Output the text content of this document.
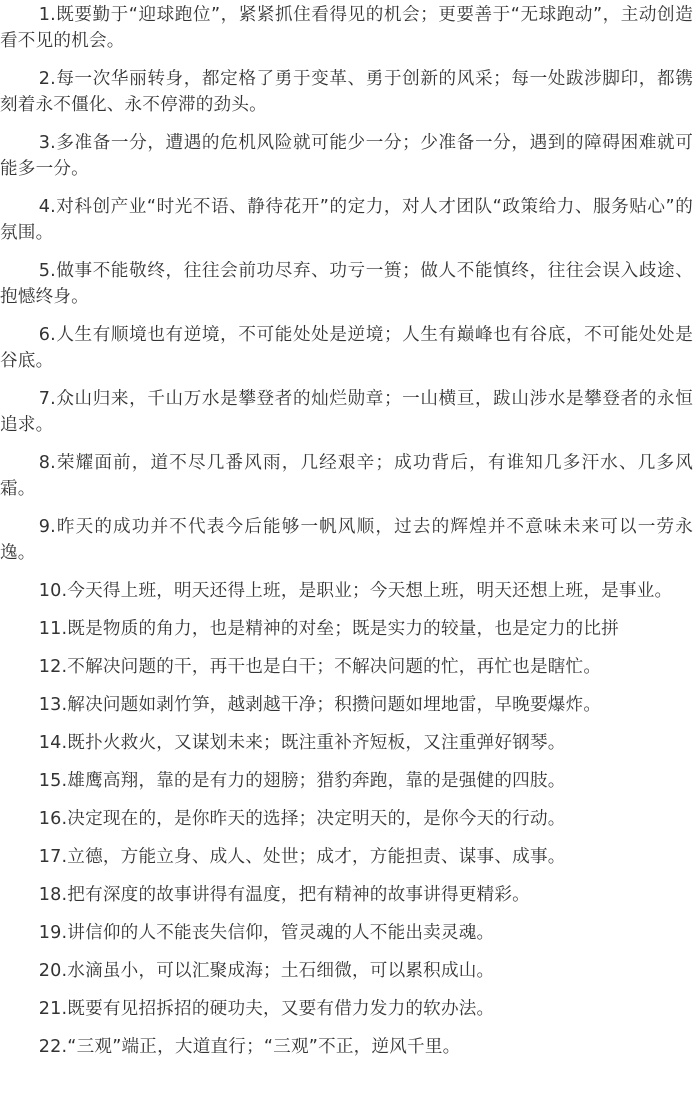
1.既要勤于“迎球跑位”，紧紧抓住看得见的机会；更要善于“无球跑动”，主动创造看不见的机会。

2.每一次华丽转身，都定格了勇于变革、勇于创新的风采；每一处跋涉脚印，都镌刻着永不僵化、永不停滞的劲头。

3.多准备一分，遭遇的危机风险就可能少一分；少准备一分，遇到的障碍困难就可能多一分。

4.对科创产业“时光不语、静待花开”的定力，对人才团队“政策给力、服务贴心”的氛围。

5.做事不能敬终，往往会前功尽弃、功亏一篑；做人不能慎终，往往会误入歧途、抱憾终身。

6.人生有顺境也有逆境，不可能处处是逆境；人生有巅峰也有谷底，不可能处处是谷底。

7.众山归来，千山万水是攀登者的灿烂勋章；一山横亘，跋山涉水是攀登者的永恒追求。

8.荣耀面前，道不尽几番风雨，几经艰辛；成功背后，有谁知几多汗水、几多风霜。

9.昨天的成功并不代表今后能够一帆风顺，过去的辉煌并不意味未来可以一劳永逸。

10.今天得上班，明天还得上班，是职业；今天想上班，明天还想上班，是事业。

11.既是物质的角力，也是精神的对垒；既是实力的较量，也是定力的比拼

12.不解决问题的干，再干也是白干；不解决问题的忙，再忙也是瞎忙。

13.解决问题如剥竹笋，越剥越干净；积攒问题如埋地雷，早晚要爆炸。

14.既扑火救火，又谋划未来；既注重补齐短板，又注重弹好钢琴。

15.雄鹰高翔，靠的是有力的翅膀；猎豹奔跑，靠的是强健的四肢。

16.决定现在的，是你昨天的选择；决定明天的，是你今天的行动。

17.立德，方能立身、成人、处世；成才，方能担责、谋事、成事。

18.把有深度的故事讲得有温度，把有精神的故事讲得更精彩。

19.讲信仰的人不能丧失信仰，管灵魂的人不能出卖灵魂。

20.水滴虽小，可以汇聚成海；土石细微，可以累积成山。

21.既要有见招拆招的硬功夫，又要有借力发力的软办法。

22.“三观”端正，大道直行；“三观”不正，逆风千里。
